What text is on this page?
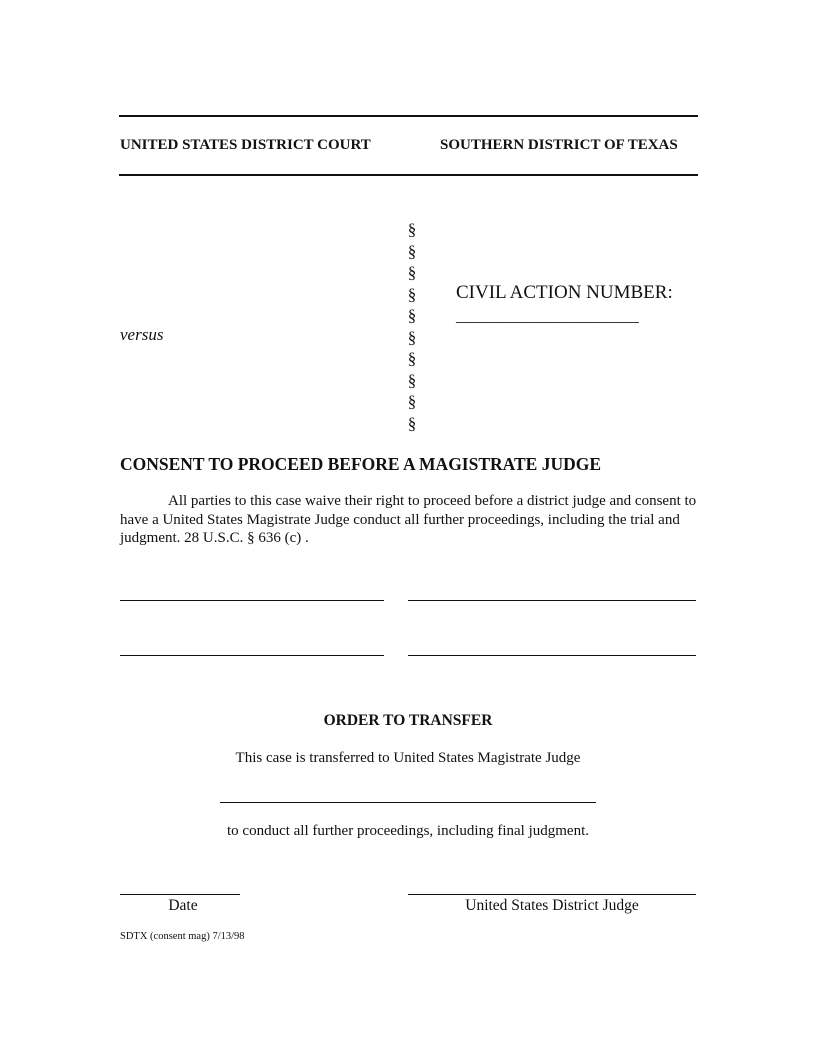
UNITED STATES DISTRICT COURT	SOUTHERN DISTRICT OF TEXAS
§
§
§
§
§
§
§
§
§
§
CIVIL ACTION NUMBER:
______________________
versus
CONSENT TO PROCEED BEFORE A MAGISTRATE JUDGE
All parties to this case waive their right to proceed before a district judge and consent to have a United States Magistrate Judge conduct all further proceedings, including the trial and judgment. 28 U.S.C. § 636 (c) .
ORDER TO TRANSFER
This case is transferred to United States Magistrate Judge
to conduct all further proceedings, including final judgment.
Date	United States District Judge
SDTX (consent mag) 7/13/98
